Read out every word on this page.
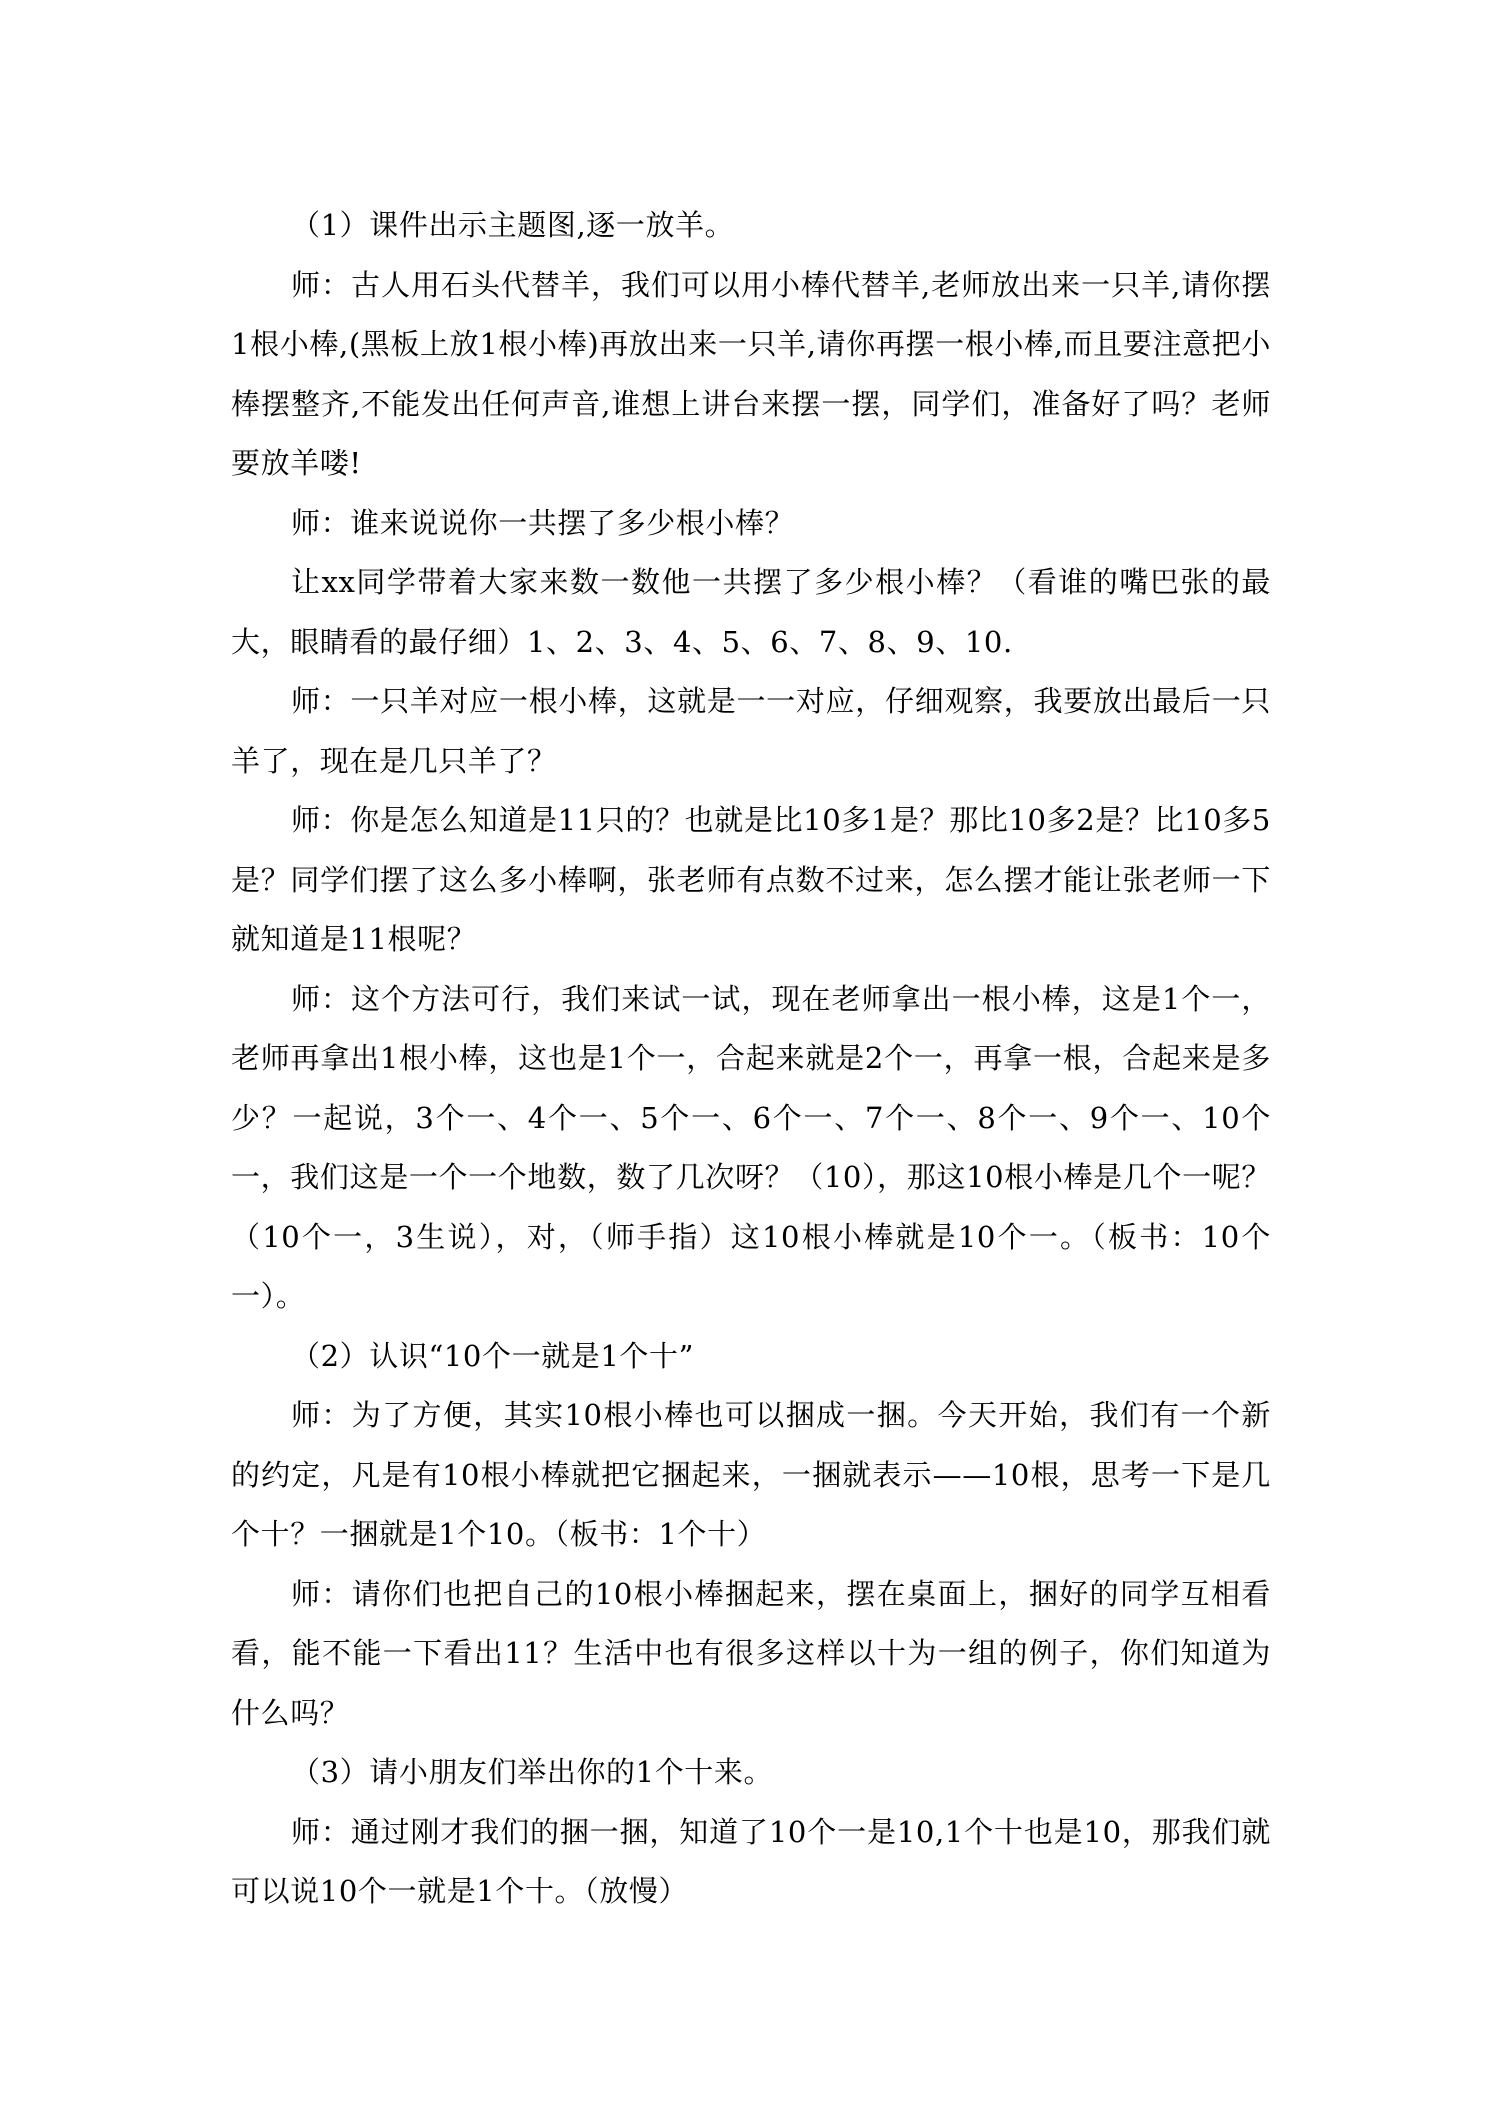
（1）课件出示主题图,逐一放羊。

师：古人用石头代替羊，我们可以用小棒代替羊,老师放出来一只羊,请你摆1根小棒,(黑板上放1根小棒)再放出来一只羊,请你再摆一根小棒,而且要注意把小棒摆整齐,不能发出任何声音,谁想上讲台来摆一摆，同学们，准备好了吗？老师要放羊喽!

师：谁来说说你一共摆了多少根小棒？

让xx同学带着大家来数一数他一共摆了多少根小棒？（看谁的嘴巴张的最大，眼睛看的最仔细）1、2、3、4、5、6、7、8、9、10.

师：一只羊对应一根小棒，这就是一一对应，仔细观察，我要放出最后一只羊了，现在是几只羊了？

师：你是怎么知道是11只的？也就是比10多1是？那比10多2是？比10多5是？同学们摆了这么多小棒啊，张老师有点数不过来，怎么摆才能让张老师一下就知道是11根呢？

师：这个方法可行，我们来试一试，现在老师拿出一根小棒，这是1个一，老师再拿出1根小棒，这也是1个一，合起来就是2个一，再拿一根，合起来是多少？一起说，3个一、4个一、5个一、6个一、7个一、8个一、9个一、10个一，我们这是一个一个地数，数了几次呀？（10），那这10根小棒是几个一呢？（10个一，3生说），对，（师手指）这10根小棒就是10个一。（板书：10个一）。

（2）认识“10个一就是1个十”

师：为了方便，其实10根小棒也可以捆成一捆。今天开始，我们有一个新的约定，凡是有10根小棒就把它捆起来，一捆就表示——10根，思考一下是几个十？一捆就是1个10。（板书：1个十）

师：请你们也把自己的10根小棒捆起来，摆在桌面上，捆好的同学互相看看，能不能一下看出11？生活中也有很多这样以十为一组的例子，你们知道为什么吗？

（3）请小朋友们举出你的1个十来。

师：通过刚才我们的捆一捆，知道了10个一是10,1个十也是10，那我们就可以说10个一就是1个十。（放慢）
